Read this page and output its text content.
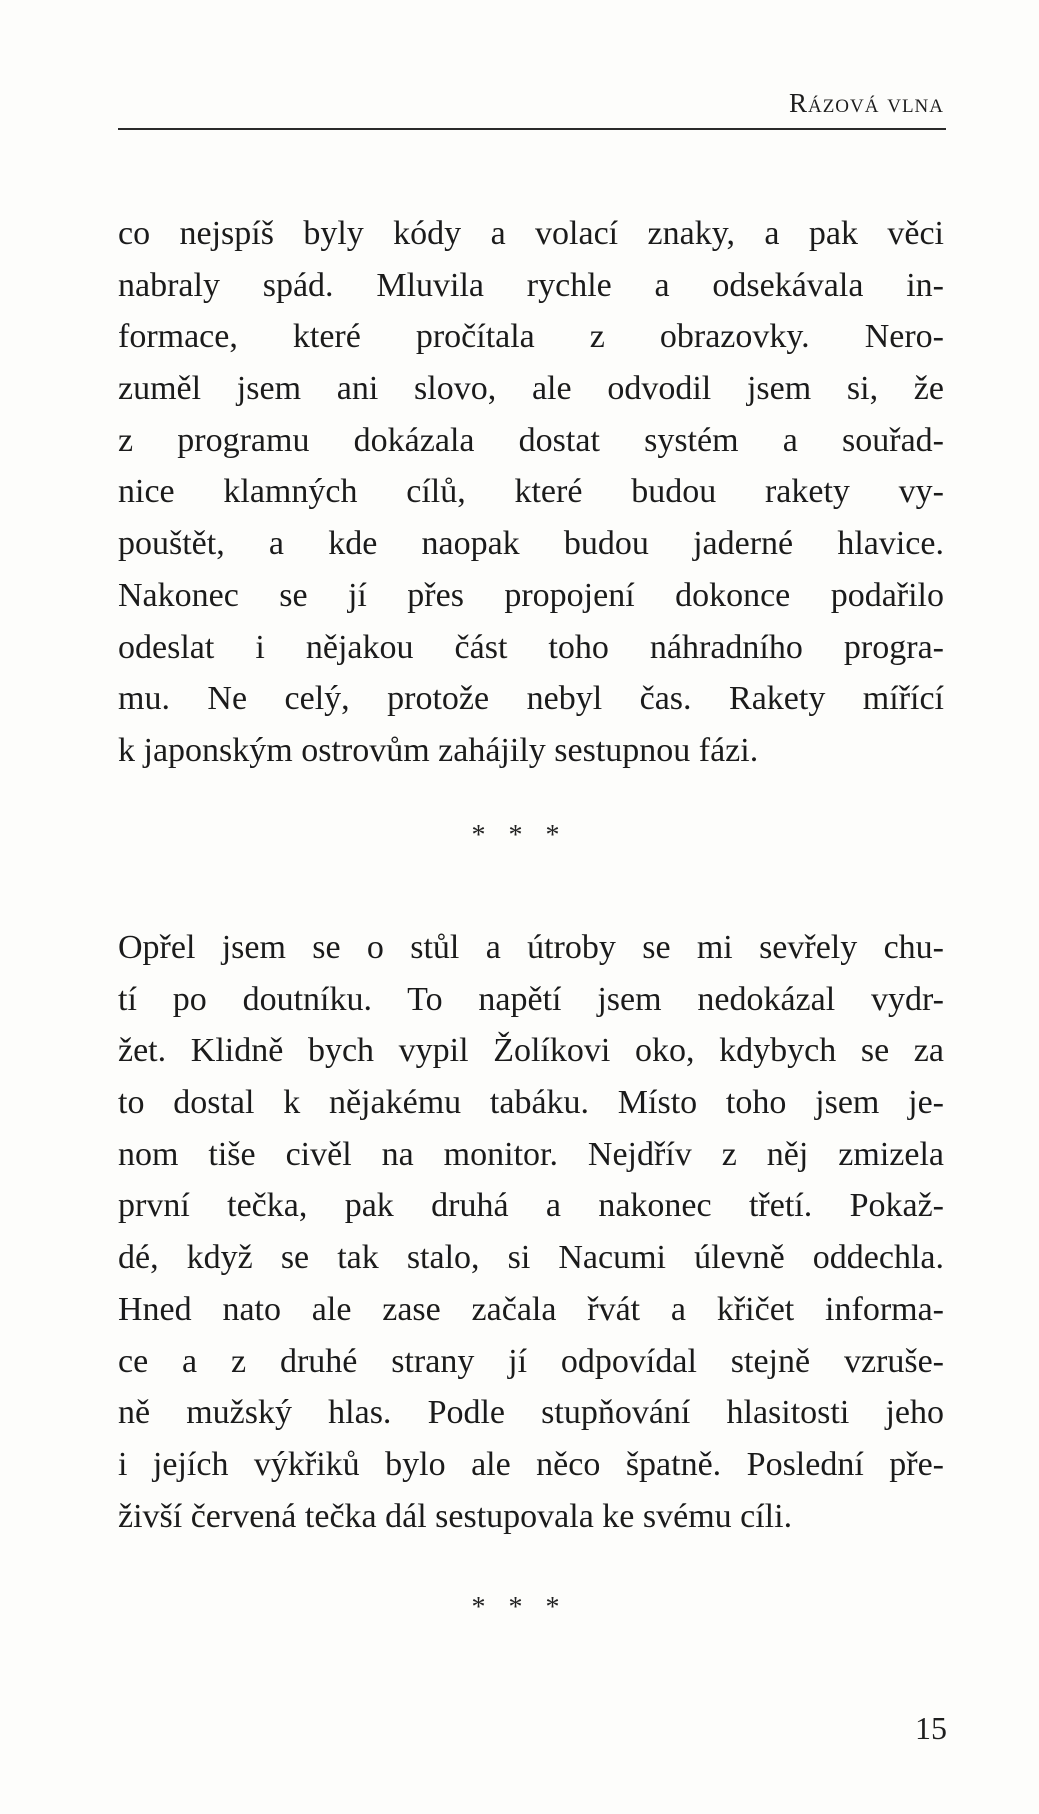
Rázová vlna
co nejspíš byly kódy a volací znaky, a pak věci
nabraly spád. Mluvila rychle a odsekávala in-
formace, které pročítala z obrazovky. Nero-
zuměl jsem ani slovo, ale odvodil jsem si, že
z programu dokázala dostat systém a souřad-
nice klamných cílů, které budou rakety vy-
pouštět, a kde naopak budou jaderné hlavice.
Nakonec se jí přes propojení dokonce podařilo
odeslat i nějakou část toho náhradního progra-
mu. Ne celý, protože nebyl čas. Rakety mířící
k japonským ostrovům zahájily sestupnou fázi.
* * *
Opřel jsem se o stůl a útroby se mi sevřely chu-
tí po doutníku. To napětí jsem nedokázal vydr-
žet. Klidně bych vypil Žolíkovi oko, kdybych se za
to dostal k nějakému tabáku. Místo toho jsem je-
nom tiše civěl na monitor. Nejdřív z něj zmizela
první tečka, pak druhá a nakonec třetí. Pokaž-
dé, když se tak stalo, si Nacumi úlevně oddechla.
Hned nato ale zase začala řvát a křičet informa-
ce a z druhé strany jí odpovídal stejně vzruše-
ně mužský hlas. Podle stupňování hlasitosti jeho
i jejích výkřiků bylo ale něco špatně. Poslední pře-
živší červená tečka dál sestupovala ke svému cíli.
* * *
15
